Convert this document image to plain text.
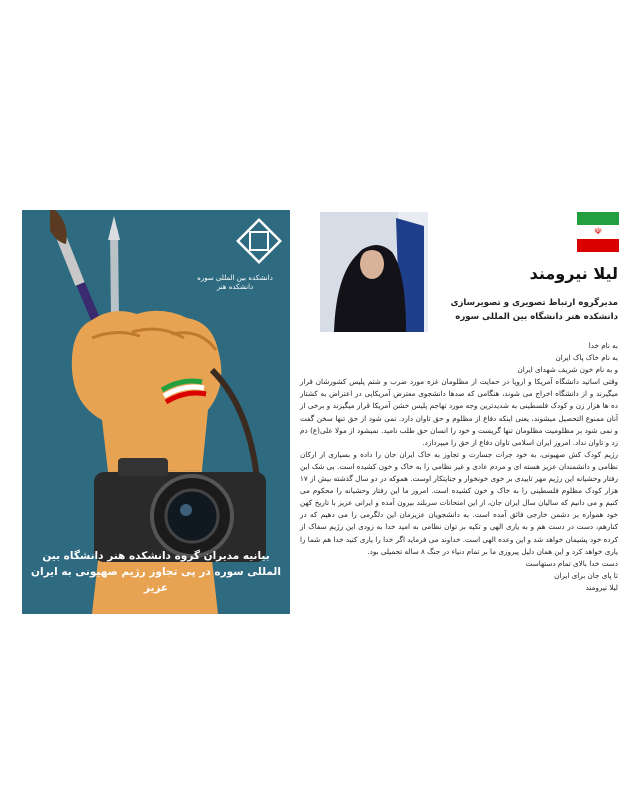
دانشکده بین المللی سوره دانشکده هنر
بیانیه مدیران گروه دانشکده هنر دانشگاه بین المللی سوره در پی تجاوز رژیم صهیونی به ایران عزیز
☫
لیلا نیرومند
مدیرگروه ارتباط تصویری و تصویرسازی
دانشکده هنر دانشگاه بین المللی سوره

به نام خدا

به نام خاک پاک ایران

و به نام خون شریف شهدای ایران

وقتی اساتید دانشگاه آمریکا و اروپا در حمایت از مظلومان غزه مورد ضرب و شتم پلیس کشورشان قرار میگیرند و از دانشگاه اخراج می شوند، هنگامی که صدها دانشجوی معترض آمریکایی در اعتراض به کشتار ده ها هزار زن و کودک فلسطینی به شدیدترین وجه مورد تهاجم پلیس خشن آمریکا قرار میگیرند و برخی از آنان ممنوع التحصیل میشوند، یعنی اینکه دفاع از مظلوم و حق تاوان دارد. نمی شود از حق تنها سخن گفت و نمی شود بر مظلومیت مظلومان تنها گریست و خود را انسان حق طلب نامید. نمیشود از مولا علی(ع) دم زد و تاوان نداد. امروز ایران اسلامی تاوان دفاع از حق را میپردازد.

رژیم کودک کش صهیونی، به خود جرات جسارت و تجاوز به خاک ایران جان را داده و بسیاری از ارکان نظامی و دانشمندان عزیز هسته ای و مردم عادی و غیر نظامی را به خاک و خون کشیده است. بی شک این رفتار وحشیانه این رژیم مهر تاییدی بر خوی خونخوار و جنایتکار اوست. هموکه در دو سال گذشته بیش از ۱۷ هزار کودک مظلوم فلسطینی را به خاک و خون کشیده است. امروز ما این رفتار وحشیانه را محکوم می کنیم و می دانیم که سالیان سال ایران جان، از این امتحانات سربلند بیرون آمده و ایرانی عزیز با تاریخ کهن خود همواره بر دشمن خارجی فائق آمده است. به دانشجویان عزیزمان این دلگرمی را می دهیم که در کنارهم، دست در دست هم و به یاری الهی و تکیه بر توان نظامی به امید خدا به زودی این رژیم سفاک از کرده خود پشیمان خواهد شد و این وعده الهی است. خداوند می فرماید اگر خدا را یاری کنید خدا هم شما را یاری خواهد کرد و این همان دلیل پیروزی ما بر تمام دنیاء در جنگ ۸ ساله تحمیلی بود.

دست خدا بالای تمام دستهاست

تا پای جان برای ایران

لیلا نیرومند
